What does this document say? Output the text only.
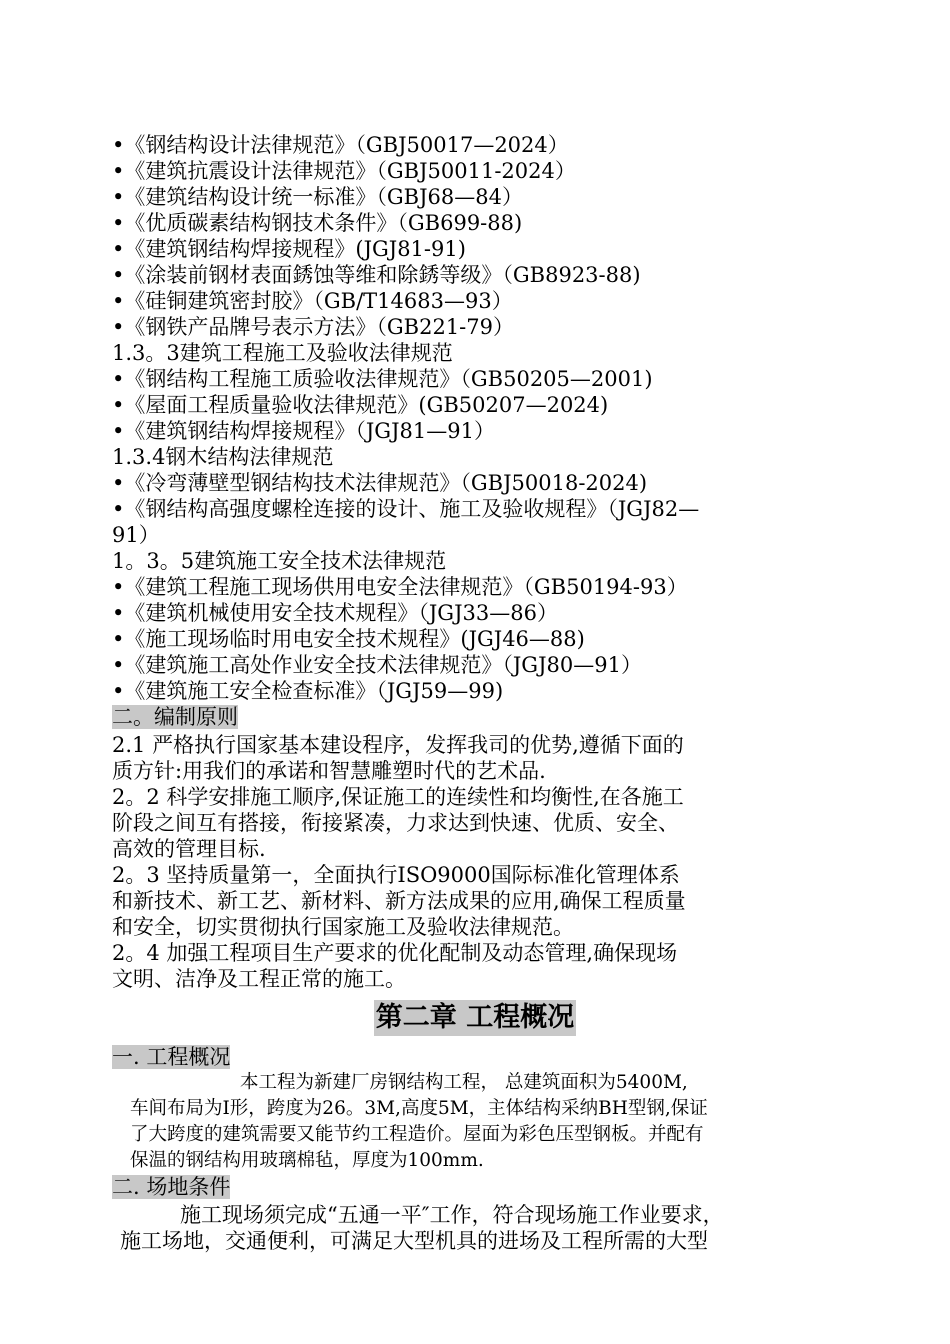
•《钢结构设计法律规范》（GBJ50017—2024）
•《建筑抗震设计法律规范》（GBJ50011-2024）
•《建筑结构设计统一标准》（GBJ68—84）
•《优质碳素结构钢技术条件》（GB699-88)
•《建筑钢结构焊接规程》(JGJ81-91)
•《涂装前钢材表面銹蚀等维和除銹等级》（GB8923-88)
•《硅铜建筑密封胶》（GB/T14683—93）
•《钢铁产品牌号表示方法》（GB221-79）
1.3。3建筑工程施工及验收法律规范
•《钢结构工程施工质验收法律规范》（GB50205—2001)
•《屋面工程质量验收法律规范》(GB50207—2024)
•《建筑钢结构焊接规程》（JGJ81—91）
1.3.4钢木结构法律规范
•《冷弯薄壁型钢结构技术法律规范》（GBJ50018-2024)
•《钢结构高强度螺栓连接的设计、施工及验收规程》（JGJ82—
91）
1。3。5建筑施工安全技术法律规范
•《建筑工程施工现场供用电安全法律规范》（GB50194-93）
•《建筑机械使用安全技术规程》（JGJ33—86）
•《施工现场临时用电安全技术规程》(JGJ46—88)
•《建筑施工高处作业安全技术法律规范》（JGJ80—91）
•《建筑施工安全检查标准》（JGJ59—99)
二。编制原则
2.1 严格执行国家基本建设程序，发挥我司的优势,遵循下面的
质方针:用我们的承诺和智慧雕塑时代的艺术品.
2。2 科学安排施工顺序,保证施工的连续性和均衡性,在各施工
阶段之间互有搭接，衔接紧凑，力求达到快速、优质、安全、
高效的管理目标.
2。3 坚持质量第一，全面执行ISO9000国际标准化管理体系
和新技术、新工艺、新材料、新方法成果的应用,确保工程质量
和安全，切实贯彻执行国家施工及验收法律规范。
2。4 加强工程项目生产要求的优化配制及动态管理,确保现场
文明、洁净及工程正常的施工。
第二章 工程概况
一. 工程概况
本工程为新建厂房钢结构工程， 总建筑面积为5400M,
车间布局为I形，跨度为26。3M,高度5M，主体结构采纳BH型钢,保证
了大跨度的建筑需要又能节约工程造价。屋面为彩色压型钢板。并配有
保温的钢结构用玻璃棉毡，厚度为100mm.
二. 场地条件
施工现场须完成“五通一平″工作，符合现场施工作业要求，
施工场地，交通便利，可满足大型机具的进场及工程所需的大型
